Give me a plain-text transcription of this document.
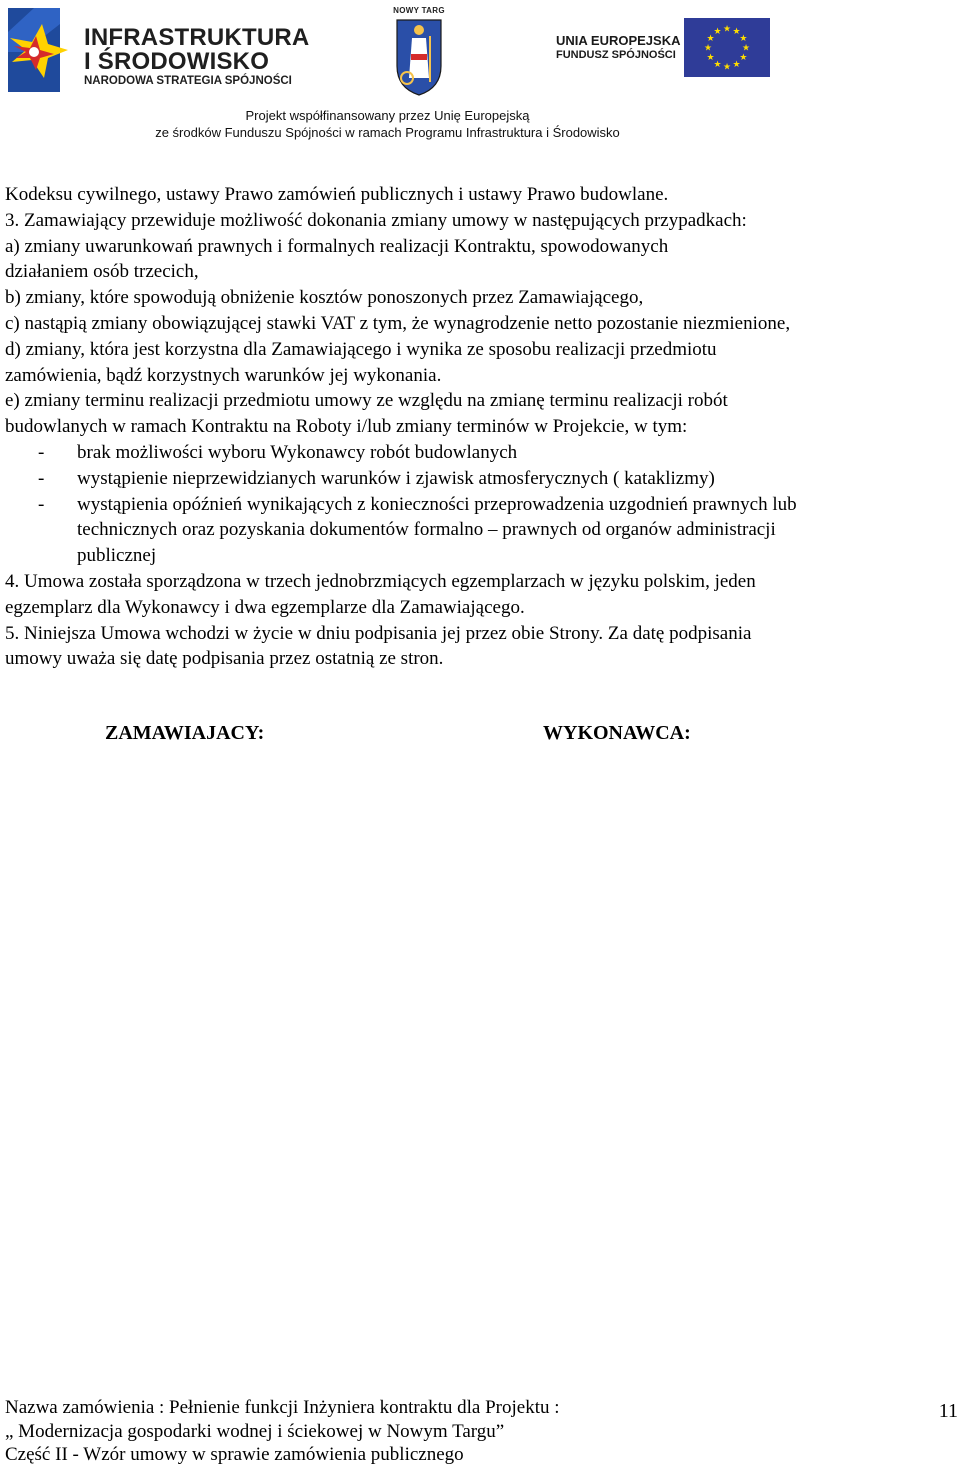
INFRASTRUKTURA
I ŚRODOWISKO
NARODOWA STRATEGIA SPÓJNOŚCI
NOWY TARG
UNIA EUROPEJSKA
FUNDUSZ SPÓJNOŚCI
★ ★
★
★
★
★
★
★
★
★
★
★
Projekt współfinansowany przez Unię Europejską
ze środków Funduszu Spójności w ramach Programu Infrastruktura i Środowisko
Kodeksu cywilnego, ustawy Prawo zamówień publicznych i ustawy Prawo budowlane.
3. Zamawiający przewiduje możliwość dokonania zmiany umowy w następujących przypadkach:
a) zmiany uwarunkowań prawnych i formalnych realizacji Kontraktu, spowodowanych
działaniem osób trzecich,
b) zmiany, które spowodują obniżenie kosztów ponoszonych przez Zamawiającego,
c) nastąpią zmiany obowiązującej stawki VAT z tym, że wynagrodzenie netto pozostanie niezmienione,
d) zmiany, która jest korzystna dla Zamawiającego i wynika ze sposobu realizacji przedmiotu
zamówienia, bądź korzystnych warunków jej wykonania.
e) zmiany terminu realizacji przedmiotu umowy ze względu na zmianę terminu realizacji robót
budowlanych w ramach Kontraktu na Roboty i/lub zmiany terminów w Projekcie, w tym:
-	brak możliwości wyboru Wykonawcy robót budowlanych
-	wystąpienie nieprzewidzianych warunków i zjawisk atmosferycznych ( kataklizmy)
-	wystąpienia opóźnień wynikających z konieczności przeprowadzenia uzgodnień prawnych lub
technicznych oraz pozyskania dokumentów formalno – prawnych od organów administracji
publicznej
4. Umowa została sporządzona w trzech jednobrzmiących egzemplarzach w języku polskim, jeden
egzemplarz dla Wykonawcy i dwa egzemplarze dla Zamawiającego.
5. Niniejsza Umowa wchodzi w życie w dniu podpisania jej przez obie Strony. Za datę podpisania
umowy uważa się datę podpisania przez ostatnią ze stron.
ZAMAWIAJACY:	WYKONAWCA:
Nazwa zamówienia : Pełnienie funkcji Inżyniera kontraktu dla Projektu :
„ Modernizacja gospodarki wodnej i ściekowej w Nowym Targu”
Część II - Wzór umowy w sprawie zamówienia publicznego
11
